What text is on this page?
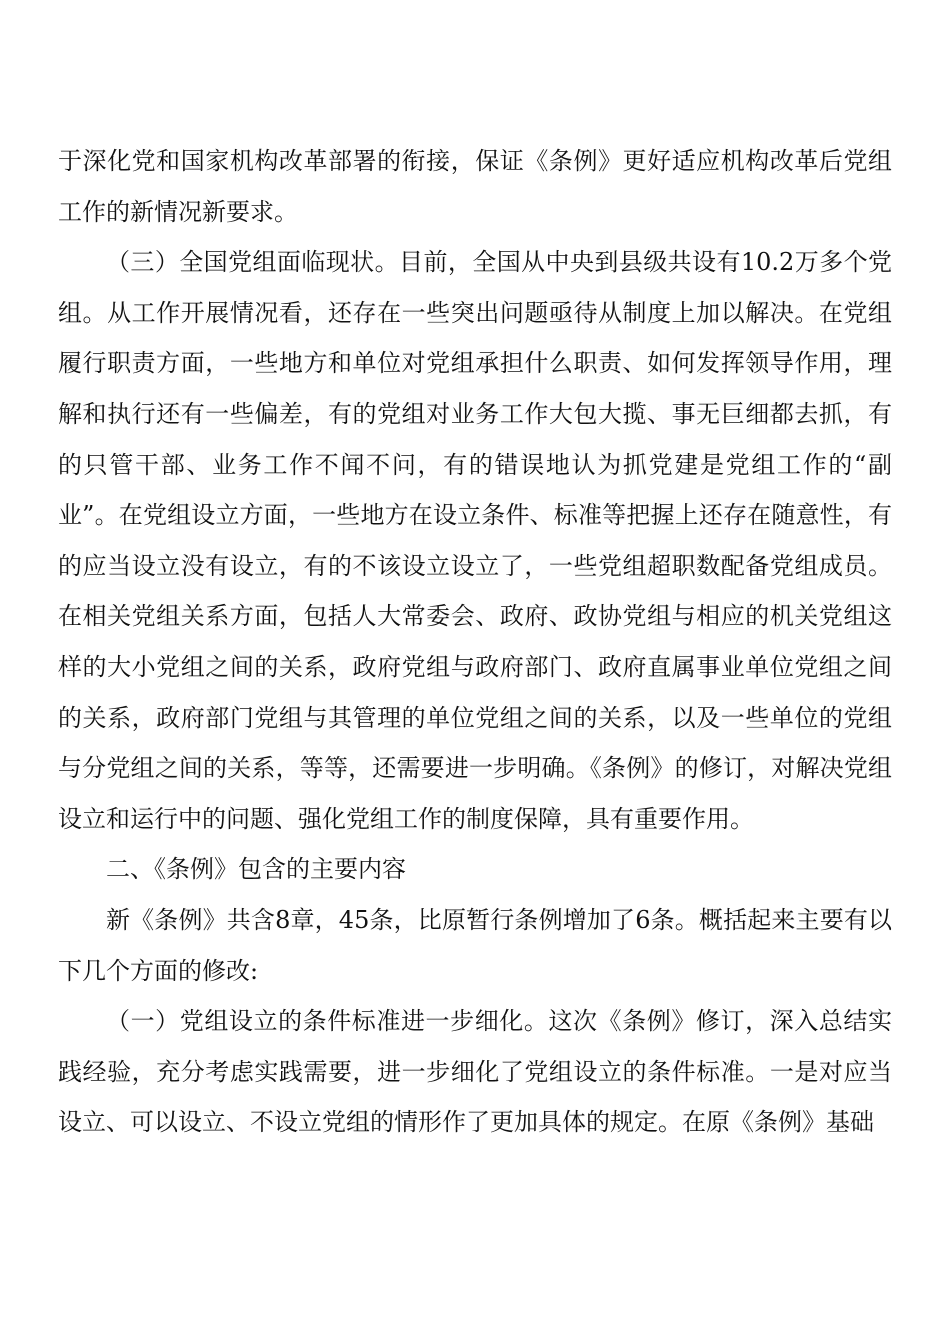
于深化党和国家机构改革部署的衔接，保证《条例》更好适应机构改革后党组工作的新情况新要求。

（三）全国党组面临现状。目前，全国从中央到县级共设有10.2万多个党组。从工作开展情况看，还存在一些突出问题亟待从制度上加以解决。在党组履行职责方面，一些地方和单位对党组承担什么职责、如何发挥领导作用，理解和执行还有一些偏差，有的党组对业务工作大包大揽、事无巨细都去抓，有的只管干部、业务工作不闻不问，有的错误地认为抓党建是党组工作的“副业”。在党组设立方面，一些地方在设立条件、标准等把握上还存在随意性，有的应当设立没有设立，有的不该设立设立了，一些党组超职数配备党组成员。在相关党组关系方面，包括人大常委会、政府、政协党组与相应的机关党组这样的大小党组之间的关系，政府党组与政府部门、政府直属事业单位党组之间的关系，政府部门党组与其管理的单位党组之间的关系，以及一些单位的党组与分党组之间的关系，等等，还需要进一步明确。《条例》的修订，对解决党组设立和运行中的问题、强化党组工作的制度保障，具有重要作用。

二、《条例》包含的主要内容

新《条例》共含8章，45条，比原暂行条例增加了6条。概括起来主要有以下几个方面的修改:

（一）党组设立的条件标准进一步细化。这次《条例》修订，深入总结实践经验，充分考虑实践需要，进一步细化了党组设立的条件标准。一是对应当设立、可以设立、不设立党组的情形作了更加具体的规定。在原《条例》基础
